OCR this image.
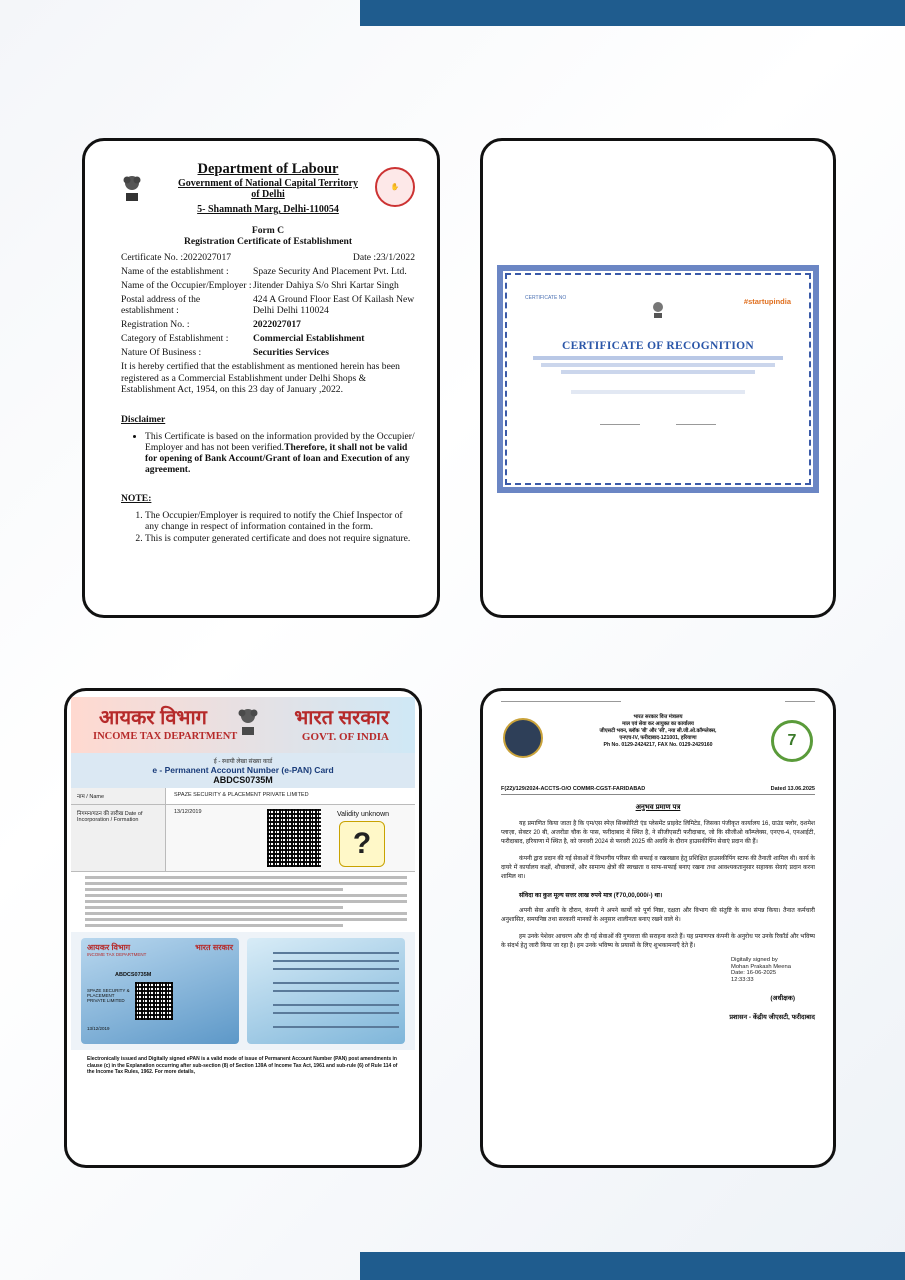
✋
Department of Labour
Government of National Capital Territory
of Delhi
5- Shamnath Marg, Delhi-110054
Form C
Registration Certificate of Establishment
Certificate No. :2022027017	Date :23/1/2022
Name of the establishment :	Spaze Security And Placement Pvt. Ltd.
Name of the Occupier/Employer : Jitender Dahiya S/o Shri Kartar Singh
Postal address of the establishment :
424 A Ground Floor East Of Kailash New Delhi Delhi 110024
Registration No. :	2022027017
Category of Establishment :	Commercial Establishment
Nature Of Business :	Securities Services
It is hereby certified that the establishment as mentioned herein has been registered as a Commercial Establishment under Delhi Shops & Establishment Act, 1954, on this 23 day of January ,2022.
Disclaimer
• This Certificate is based on the information provided by the Occupier/ Employer and has not been verified.Therefore, it shall not be valid for opening of Bank Account/Grant of loan and Execution of any agreement.
NOTE:
1. The Occupier/Employer is required to notify the Chief Inspector of any change in respect of information contained in the form.
2. This is computer generated certificate and does not require signature.
CERTIFICATE NO	#startupindia
CERTIFICATE OF RECOGNITION
आयकर विभाग
INCOME TAX DEPARTMENT
भारत सरकार
GOVT. OF INDIA
ई - स्थायी लेखा संख्या कार्ड
e - Permanent Account Number (e-PAN) Card
ABDCS0735M
नाम / Name	SPAZE SECURITY & PLACEMENT PRIVATE LIMITED
निगमन/गठन की तारीख Date of Incorporation / Formation
13/12/2019	Validity unknown
?
आयकर विभाग
INCOME TAX DEPARTMENT
भारत सरकार
ABDCS0735M
SPAZE SECURITY & PLACEMENT PRIVATE LIMITED
13/12/2019
Electronically issued and Digitally signed ePAN is a valid mode of issue of Permanent Account Number (PAN) post amendments in clause (c) in the Explanation occurring after sub-section (8) of Section 139A of Income Tax Act, 1961 and sub-rule (6) of Rule 114 of the Income Tax Rules, 1962. For more details,
7
भारत सरकार वित्त मंत्रालय
माल एवं सेवा कर आयुक्त का कार्यालय
जीएसटी भवन, ब्लॉक 'बी' और 'सी', नया सी.जी.ओ.कॉम्प्लेक्स,
एनएच-IV, फरीदाबाद-121001, हरियाणा
Ph No. 0129-2424217, FAX No. 0129-2429160
F(22)/129/2024-ACCTS-O/O COMMR-CGST-FARIDABAD	Dated 13.06.2025
अनुभव प्रमाण पत्र

यह प्रमाणित किया जाता है कि एम/एस स्पेज़ सिक्योरिटी एंड प्लेसमेंट प्राइवेट लिमिटेड, जिसका पंजीकृत कार्यालय 16, ग्राउंड फ्लोर, दशमेश प्लाज़ा, सेक्टर 20 बी, अजरोंडा चौक के पास, फरीदाबाद में स्थित है, ने सीजीएसटी फरीदाबाद, जो कि सीजीओ कॉम्प्लेक्स, एनएच-4, एनआईटी, फरीदाबाद, हरियाणा में स्थित है, को जनवरी 2024 से फरवरी 2025 की अवधि के दौरान हाउसकीपिंग सेवाएं प्रदान की हैं।

कंपनी द्वारा प्रदान की गई सेवाओं में विभागीय परिसर की सफाई व रखरखाव हेतु प्रशिक्षित हाउसकीपिंग स्टाफ की तैनाती शामिल थी। कार्य के दायरे में कार्यालय कक्षों, शौचालयों, और सामान्य क्षेत्रों की स्वच्छता व साफ-सफाई बनाए रखना तथा आवश्यकतानुसार सहायक सेवाएं प्रदान करना शामिल था।

संविदा का कुल मूल्य सत्तर लाख रुपये मात्र (₹70,00,000/-) था।

अपनी सेवा अवधि के दौरान, कंपनी ने अपने कार्यों को पूर्ण निष्ठा, दक्षता और विभाग की संतुष्टि के साथ संपन्न किया। तैनात कर्मचारी अनुशासित, समयनिष्ठ तथा सरकारी मानकों के अनुसार शालीनता बनाए रखने वाले थे।

हम उनके पेशेवर आचरण और दी गई सेवाओं की गुणवत्ता की सराहना करते हैं। यह प्रमाणपत्र कंपनी के अनुरोध पर उनके रिकॉर्ड और भविष्य के संदर्भ हेतु जारी किया जा रहा है। हम उनके भविष्य के प्रयासों के लिए शुभकामनाएँ देते हैं।

Digitally signed by
Mohan Prakash Meena
Date: 16-06-2025
12:33:33
(अधीक्षक)
प्रशासन - केंद्रीय जीएसटी, फरीदाबाद
